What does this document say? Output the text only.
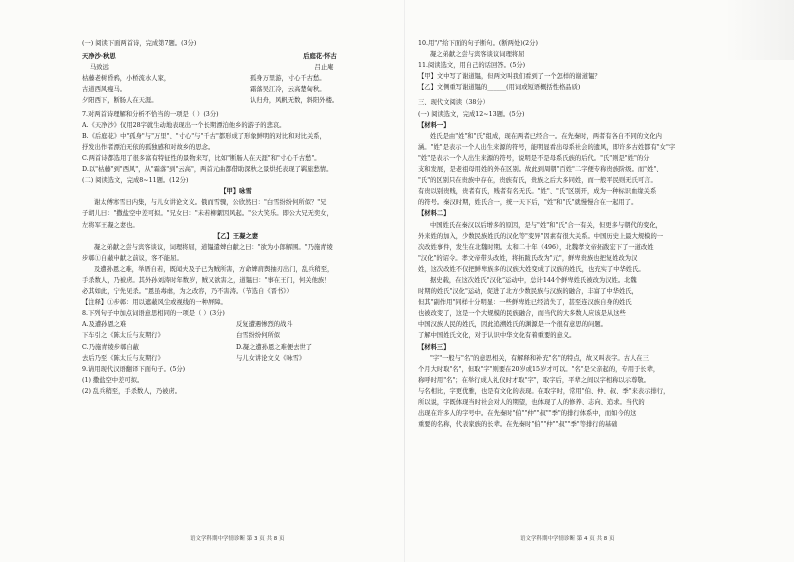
(一) 阅读下面两首诗，完成第7题。(3分)
天净沙·秋思
马致远
枯藤老树昏鸦，小桥流水人家，
古道西风瘦马。
夕阳西下，断肠人在天涯。
后庭花·怀古
吕止庵
孤身万里游，寸心千古愁。
霜落吴江冷，云高楚甸秋。
认归舟，风帆无数，斜阳外楼。
7.对两首诗理解和分析不恰当的一项是（ ）(3分)
A.《天净沙》仅用28字就生动地表现出一个长期漂泊他乡的游子的悲哀。
B.《后庭花》中"孤身"与"万里"、"寸心"与"千古"都形成了形象鲜明的对比和对比关系，
抒发出作者漂泊无依的孤独感和对故乡的思念。
C.两首诗都选用了很多富有特征性的景物来写，比如"断肠人在天涯"和"寸心千古愁"。
D.以"枯藤"到"西风"，从"霜落"到"云高"，两首元曲都借助深秋之景烘托表现了羁旅愁情。
(二) 阅读选文，完成8~11题。(12分)
【甲】咏雪
谢太傅寒雪日内集，与儿女讲论文义。俄而雪骤，公欣然曰："白雪纷纷何所似？"兄
子胡儿曰："撒盐空中差可拟。"兄女曰："未若柳絮因风起。"公大笑乐。即公大兄无奕女，
左将军王凝之妻也。
【乙】王凝之妻
凝之弟献之尝与宾客谈议，词理将屈，道韫遣婢白献之曰："欲为小郎解围。"乃施青绫
步鄣①自蔽申献之前议，客不能屈。
及遭孙恩之难，举厝自若，既闻夫及子已为贼所害，方命婢肩舆抽刃出门，乱兵稍至，
手杀数人，乃被虏。其外孙刘涛时年数岁，贼又欲害之，道韫曰："事在王门，何关他族！
必其如此，宁先见杀。"恩虽毒虐，为之改容，乃不害涛。（节选自《晋书》）
【注释】①步鄣：用以遮蔽风尘或视线的一种屏障。
8.下列句子中加点词语意思相同的一项是（ ）(3分)
A.及遭孙恩之难	反复遭遇惨烈的战斗
下车引之《陈太丘与友期行》	白雪纷纷何所似
C.乃施青绫步鄣自蔽	D.凝之遭孙恩之难便去世了
去后乃至《陈太丘与友期行》	与儿女讲论文义《咏雪》
9.请用现代汉语翻译下面句子。(5分)
(1) 撒盐空中差可拟。
(2) 乱兵稍至，手杀数人，乃被虏。
10.用"/"给下面的句子断句。(断两处)(2分)
凝之弟献之尝与宾客谈议词理将屈
11.阅读选文，用自己的话回答。(5分)
【甲】文中写了谢道韫，但两文叫我们看到了一个怎样的谢道韫？
【乙】文侧重写谢道韫的______(用词或短语概括性格品质)
三、现代文阅读（38分）
(一) 阅读选文，完成12~13题。(5分)
【材料一】
姓氏是由"姓"和"氏"组成，现在两者已经合一。在先秦时，两者有各自不同的文化内
涵。"姓"是表示一个人出生来源的符号，能明显看出母系社会的遗风，即许多古姓都有"女"字
"姓"是表示一个人出生来源的符号，说明是不是母系氏族的后代。"氏"则是"姓"的分
支和发展，是老祖母用姓的外在区别。故此到周朝"百姓"二字便专称贵族阶级。而"姓"、
"氏"的区别只在贵族中存在，贵族有氏，贵族之后大多同姓，而一般平民则无氏可言。
有贵以别贵贱，贵者有氏，贱者有名无氏。"姓"、"氏"区别开，成为一种标识血缘关系
的符号。秦汉时期，姓氏合一，统一天下后，"姓"和"氏"就慢慢合在一起用了。
【材料二】
中国姓氏在秦汉以后增多的原因，是与"姓"和"氏"合一有关，但更多与朝代的变化，
外来姓的加入，少数民族姓氏的汉化等"变异"因素有很大关系。中国历史上最大规模的一
次改姓事件，发生在北魏时期。太和二十年（496），北魏孝文帝拓跋宏下了一道改姓
"汉化"的诏令。孝文帝带头改姓，将拓跋氏改为"元"，鲜卑贵族也把复姓改为汉
姓，这次改姓不仅把鲜卑族多的汉族大姓变成了汉族的姓氏，也充实了中华姓氏。
据史载，在这次姓氏"汉化"运动中，总计144个鲜卑姓氏被改为汉姓。北魏
时期的姓氏"汉化"运动，促进了北方少数民族与汉族的融合，丰富了中华姓氏，
但其"副作用"同样十分明显：一些鲜卑姓已经消失了，甚至连汉族自身的姓氏
也被改变了，这是一个大规模的民族融合，而当代的大多数人应该是从这些
中国汉族人民的姓氏，因此追溯姓氏的渊源是一个很有意思的问题。
了解中国姓氏文化，对于认识中华文化有着重要的意义。
【材料三】
"字"一般与"名"的意思相关，有解释和补充"名"的特点，故又叫表字。古人在三
个月大时取"名"，但取"字"则要在20岁或15岁才可以。"名"是父亲起的，专用于长辈，
称呼时用"名"；在举行成人礼仪时才取"字"，取字后，平辈之间以字相称以示尊敬。
与名相比，字更优雅，也是有文化的表现。在取字时，常用"伯、仲、叔、季"来表示排行，
所以说，字既体现当时社会对人的期望，也体现了人的修养、志向、追求。当代的
出现在许多人的字号中。在先秦时"伯""仲""叔""季"的排行体系中，而如今的这
重要的名称，代表家族的长辈。在先秦时"伯""仲""叔""季"等排行的基础
语文学科期中学情诊断 第 3 页 共 8 页	语文学科期中学情诊断 第 4 页 共 8 页
